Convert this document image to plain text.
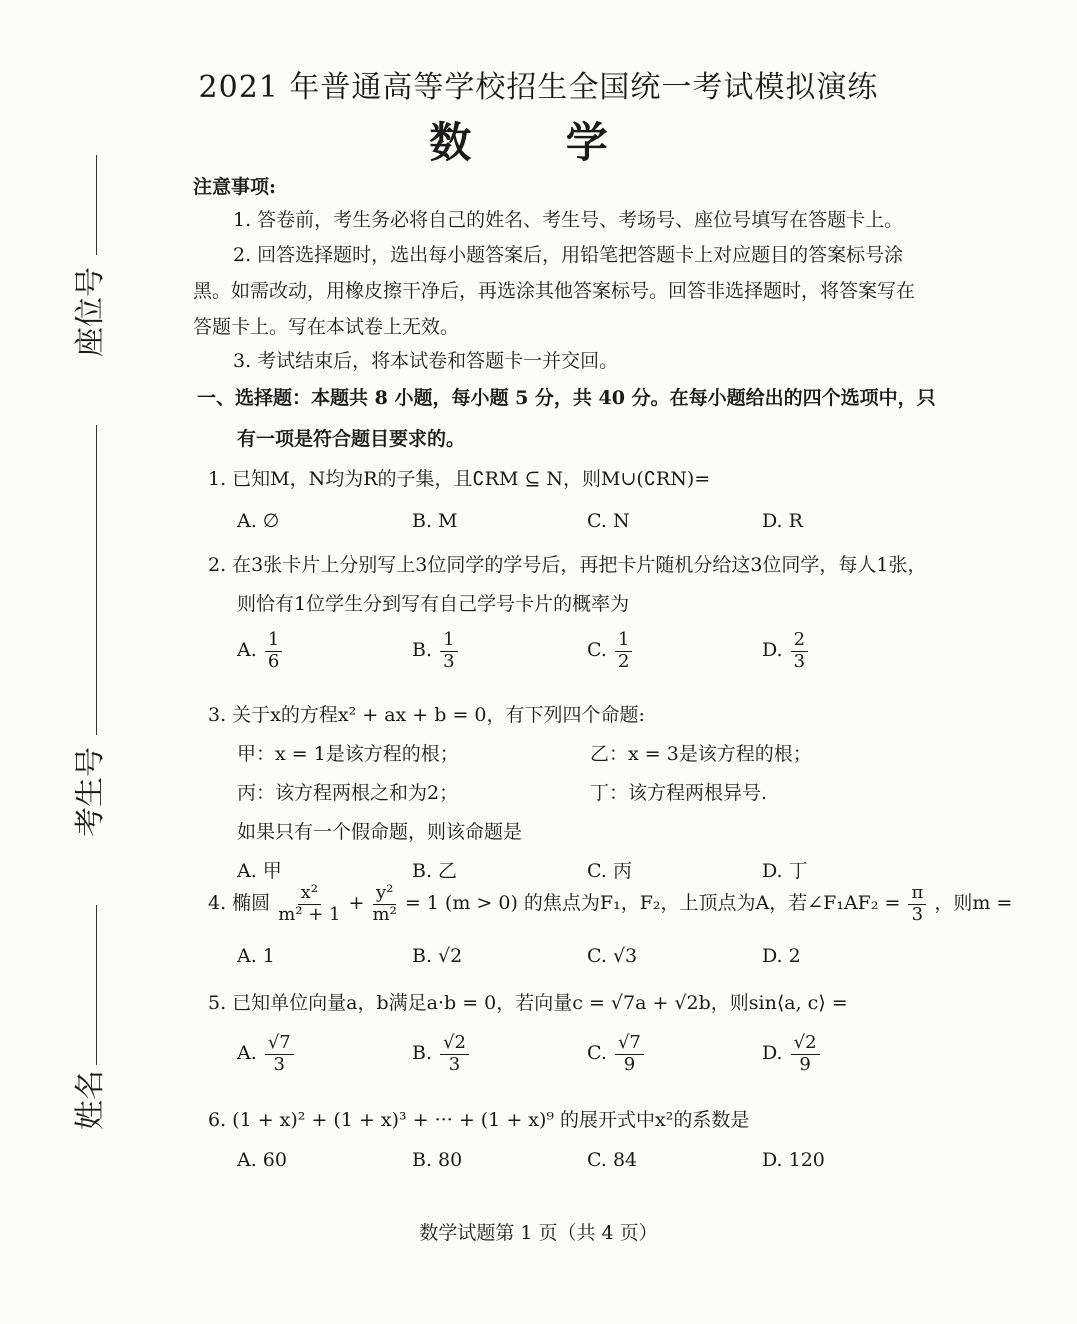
2021 年普通高等学校招生全国统一考试模拟演练
数 学
座位号
考生号
姓名
注意事项:
1. 答卷前，考生务必将自己的姓名、考生号、考场号、座位号填写在答题卡上。
2. 回答选择题时，选出每小题答案后，用铅笔把答题卡上对应题目的答案标号涂
黑。如需改动，用橡皮擦干净后，再选涂其他答案标号。回答非选择题时，将答案写在
答题卡上。写在本试卷上无效。
3. 考试结束后，将本试卷和答题卡一并交回。
一、选择题：本题共 8 小题，每小题 5 分，共 40 分。在每小题给出的四个选项中，只
有一项是符合题目要求的。
1. 已知M，N均为R的子集，且∁RM ⊆ N，则M∪(∁RN)=
A. ∅	B. M	C. N	D. R
2. 在3张卡片上分别写上3位同学的学号后，再把卡片随机分给这3位同学，每人1张，
则恰有1位学生分到写有自己学号卡片的概率为
A. $\frac{1}{6}$	B. $\frac{1}{3}$	C. $\frac{1}{2}$	D. $\frac{2}{3}$
3. 关于x的方程x² + ax + b = 0，有下列四个命题:
甲：x = 1是该方程的根；	乙：x = 3是该方程的根；
丙：该方程两根之和为2；	丁：该方程两根异号.
如果只有一个假命题，则该命题是
A. 甲	B. 乙	C. 丙	D. 丁
4. 椭圆 $\frac{\text{x²}}{\text{m² + 1}} + \frac{\text{y²}}{\text{m²}} = 1$ (m > 0) 的焦点为F₁，F₂，上顶点为A，若∠F₁AF₂ = $\frac{\pi}{3}$ ，则m =
A. 1	B. √2	C. √3	D. 2
5. 已知单位向量a，b满足a·b = 0，若向量c = √7a + √2b，则sin⟨a, c⟩ =
A. $\frac{√7}{3}$	B. $\frac{√2}{3}$	C. $\frac{√7}{9}$	D. $\frac{√2}{9}$
6. (1 + x)² + (1 + x)³ + ··· + (1 + x)⁹ 的展开式中x²的系数是
A. 60	B. 80	C. 84	D. 120
数学试题第 1 页（共 4 页）
